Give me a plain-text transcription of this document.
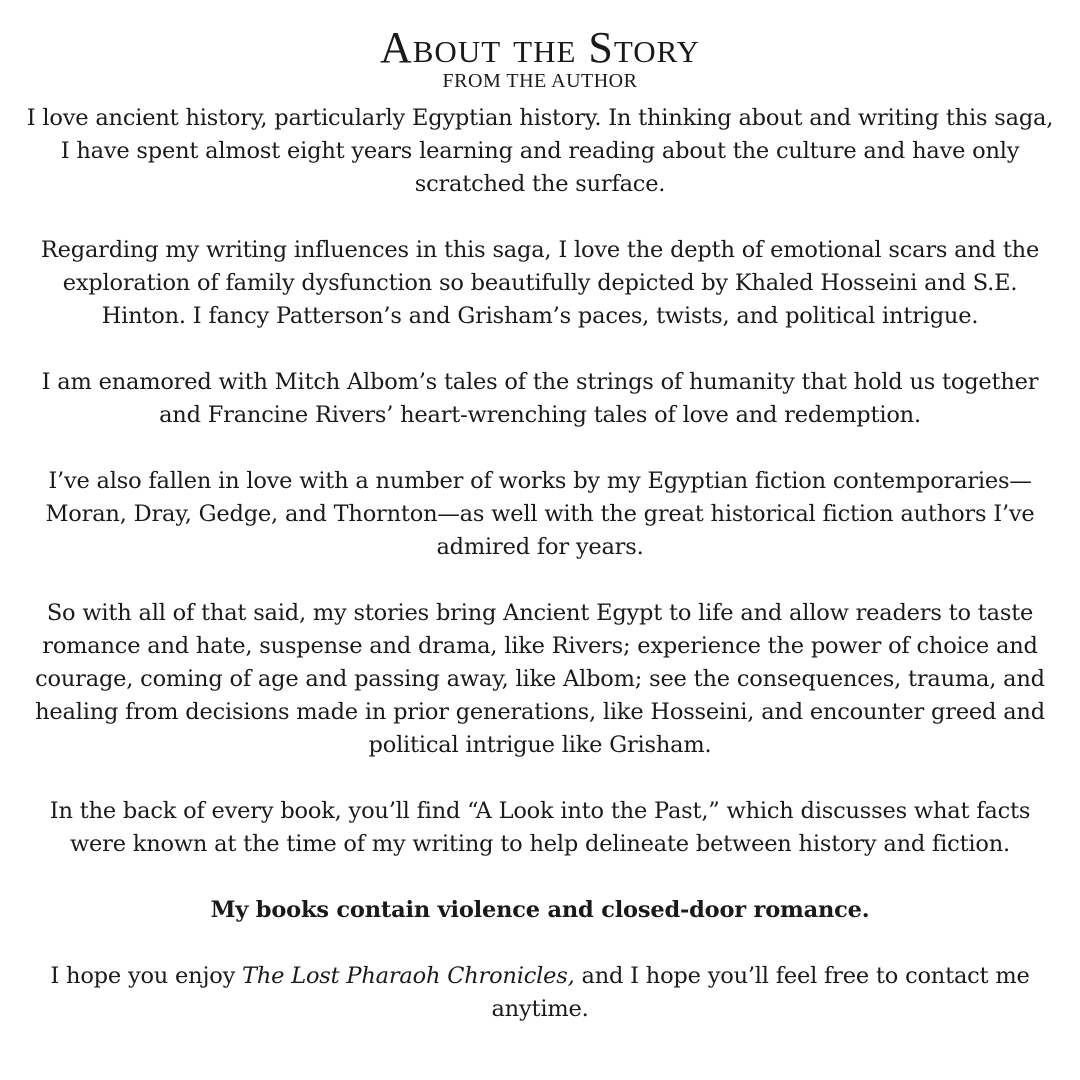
About the Story
FROM THE AUTHOR

I love ancient history, particularly Egyptian history. In thinking about and writing this saga, I have spent almost eight years learning and reading about the culture and have only scratched the surface.

Regarding my writing influences in this saga, I love the depth of emotional scars and the exploration of family dysfunction so beautifully depicted by Khaled Hosseini and S.E. Hinton. I fancy Patterson’s and Grisham’s paces, twists, and political intrigue.

I am enamored with Mitch Albom’s tales of the strings of humanity that hold us together and Francine Rivers’ heart-wrenching tales of love and redemption.

I’ve also fallen in love with a number of works by my Egyptian fiction contemporaries—Moran, Dray, Gedge, and Thornton—as well with the great historical fiction authors I’ve admired for years.

So with all of that said, my stories bring Ancient Egypt to life and allow readers to taste romance and hate, suspense and drama, like Rivers; experience the power of choice and courage, coming of age and passing away, like Albom; see the consequences, trauma, and healing from decisions made in prior generations, like Hosseini, and encounter greed and political intrigue like Grisham.

In the back of every book, you’ll find “A Look into the Past,” which discusses what facts were known at the time of my writing to help delineate between history and fiction.

My books contain violence and closed-door romance.

I hope you enjoy The Lost Pharaoh Chronicles, and I hope you’ll feel free to contact me anytime.
